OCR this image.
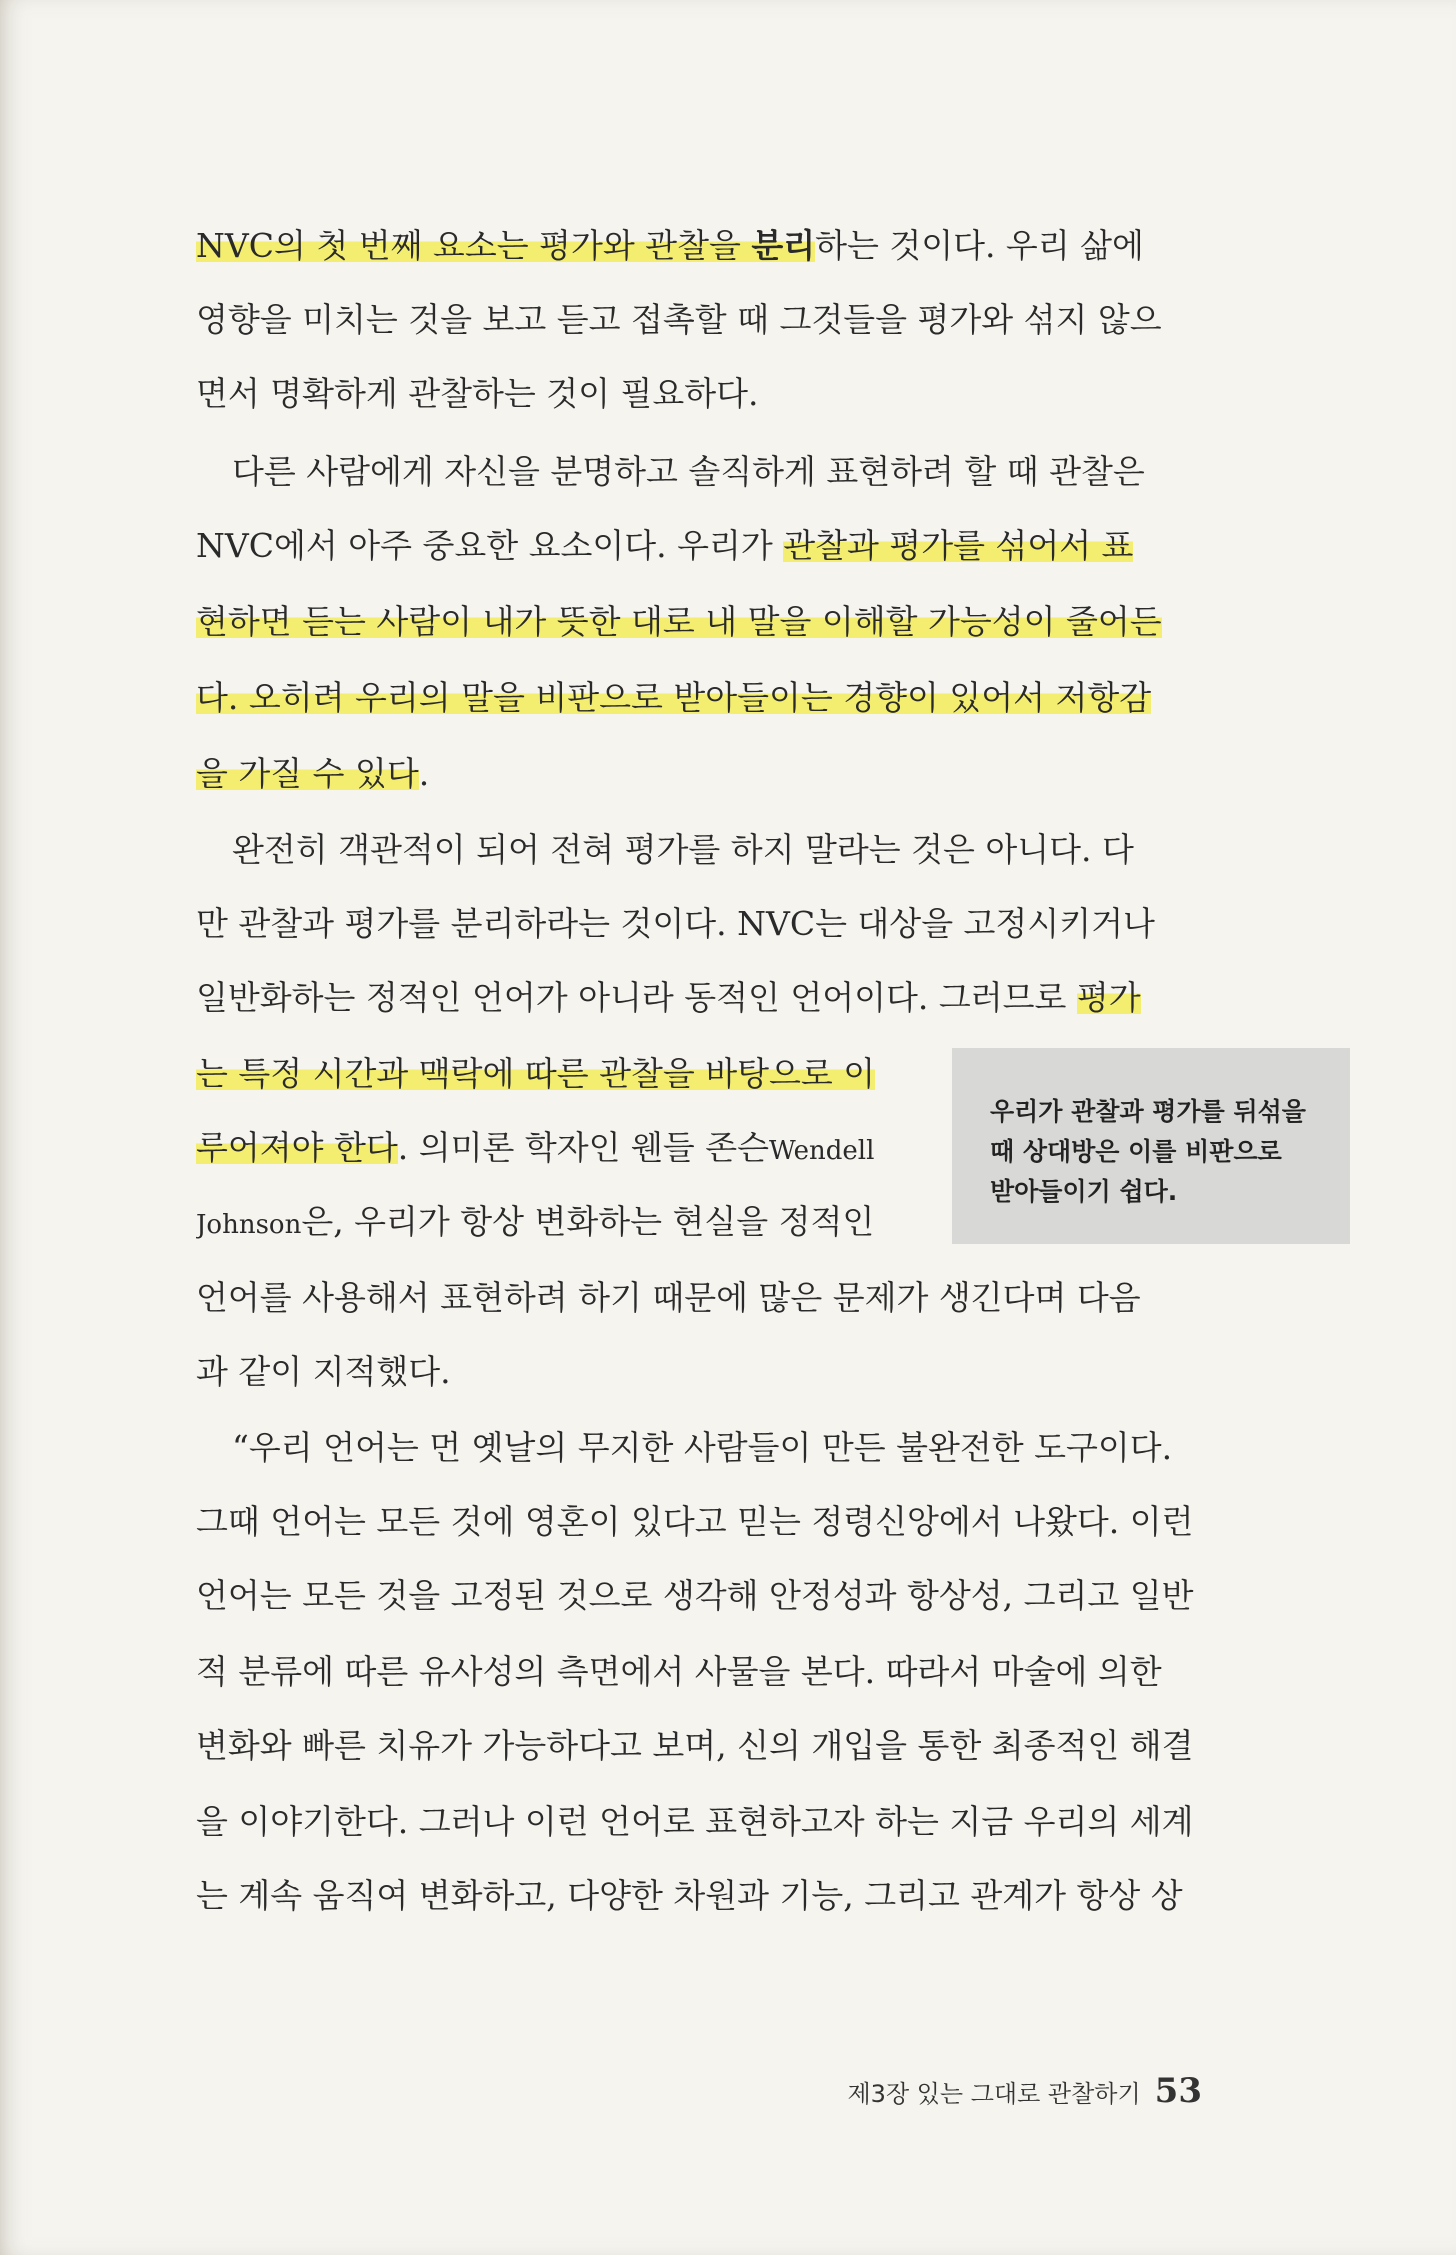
NVC의 첫 번째 요소는 평가와 관찰을 분리하는 것이다. 우리 삶에
영향을 미치는 것을 보고 듣고 접촉할 때 그것들을 평가와 섞지 않으
면서 명확하게 관찰하는 것이 필요하다.
다른 사람에게 자신을 분명하고 솔직하게 표현하려 할 때 관찰은
NVC에서 아주 중요한 요소이다. 우리가 관찰과 평가를 섞어서 표
현하면 듣는 사람이 내가 뜻한 대로 내 말을 이해할 가능성이 줄어든
다. 오히려 우리의 말을 비판으로 받아들이는 경향이 있어서 저항감
을 가질 수 있다.
완전히 객관적이 되어 전혀 평가를 하지 말라는 것은 아니다. 다
만 관찰과 평가를 분리하라는 것이다. NVC는 대상을 고정시키거나
일반화하는 정적인 언어가 아니라 동적인 언어이다. 그러므로 평가
는 특정 시간과 맥락에 따른 관찰을 바탕으로 이
루어져야 한다. 의미론 학자인 웬들 존슨Wendell
Johnson은, 우리가 항상 변화하는 현실을 정적인
언어를 사용해서 표현하려 하기 때문에 많은 문제가 생긴다며 다음
과 같이 지적했다.
“우리 언어는 먼 옛날의 무지한 사람들이 만든 불완전한 도구이다.
그때 언어는 모든 것에 영혼이 있다고 믿는 정령신앙에서 나왔다. 이런
언어는 모든 것을 고정된 것으로 생각해 안정성과 항상성, 그리고 일반
적 분류에 따른 유사성의 측면에서 사물을 본다. 따라서 마술에 의한
변화와 빠른 치유가 가능하다고 보며, 신의 개입을 통한 최종적인 해결
을 이야기한다. 그러나 이런 언어로 표현하고자 하는 지금 우리의 세계
는 계속 움직여 변화하고, 다양한 차원과 기능, 그리고 관계가 항상 상
우리가 관찰과 평가를 뒤섞을
때 상대방은 이를 비판으로
받아들이기 쉽다.
제3장 있는 그대로 관찰하기 53
